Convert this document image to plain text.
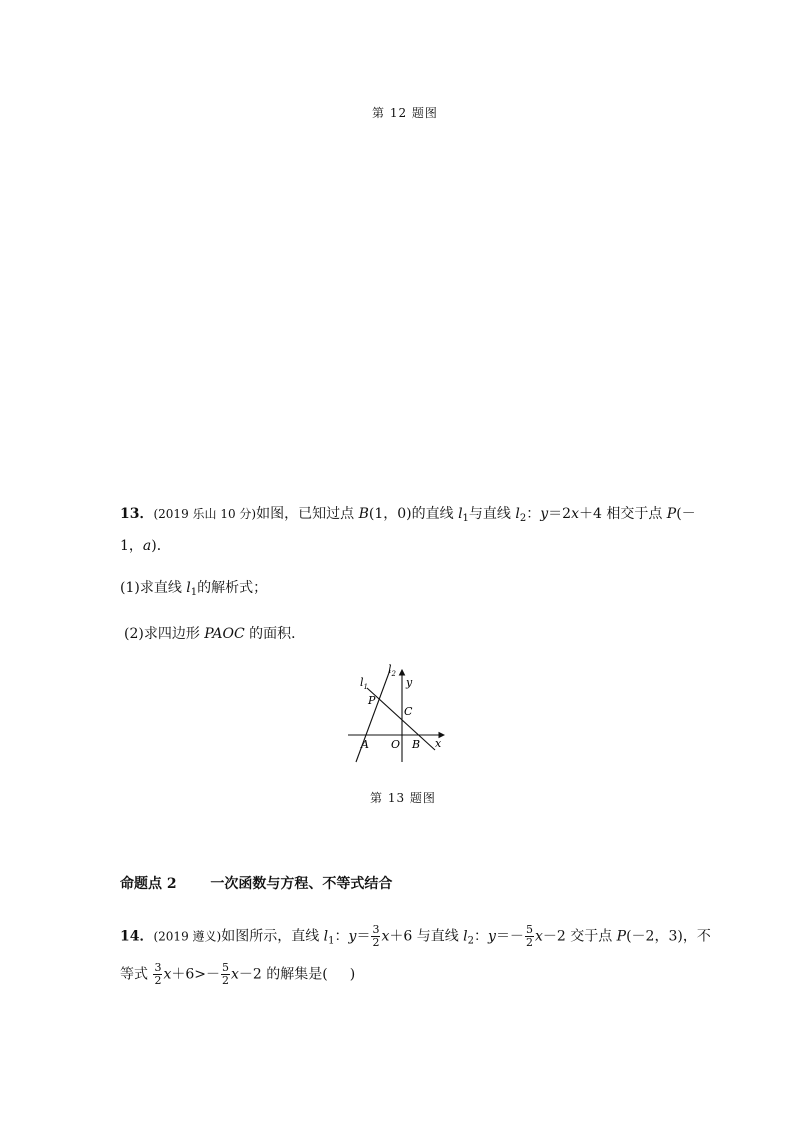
第 12 题图
13．(2019 乐山 10 分)如图，已知过点 B(1，0)的直线 $l_1$与直线 $l_2$：y＝2x＋4 相交于点 P(－
1，a)．
(1)求直线 $l_1$的解析式；
(2)求四边形 PAOC 的面积．
$l_1$
$l_2$
y
x
P
C
A O B
第 13 题图
命题点 2 一次函数与方程、不等式结合
14．(2019 遵义)如图所示，直线 $l_1$：$y= \frac{3}{2} x+6$ 与直线 $l_2$：$y=- \frac{5}{2} x-2$ 交于点 P(－2，3)，不
等式 $\frac{3}{2} x+6>- \frac{5}{2} x-2$ 的解集是( )
